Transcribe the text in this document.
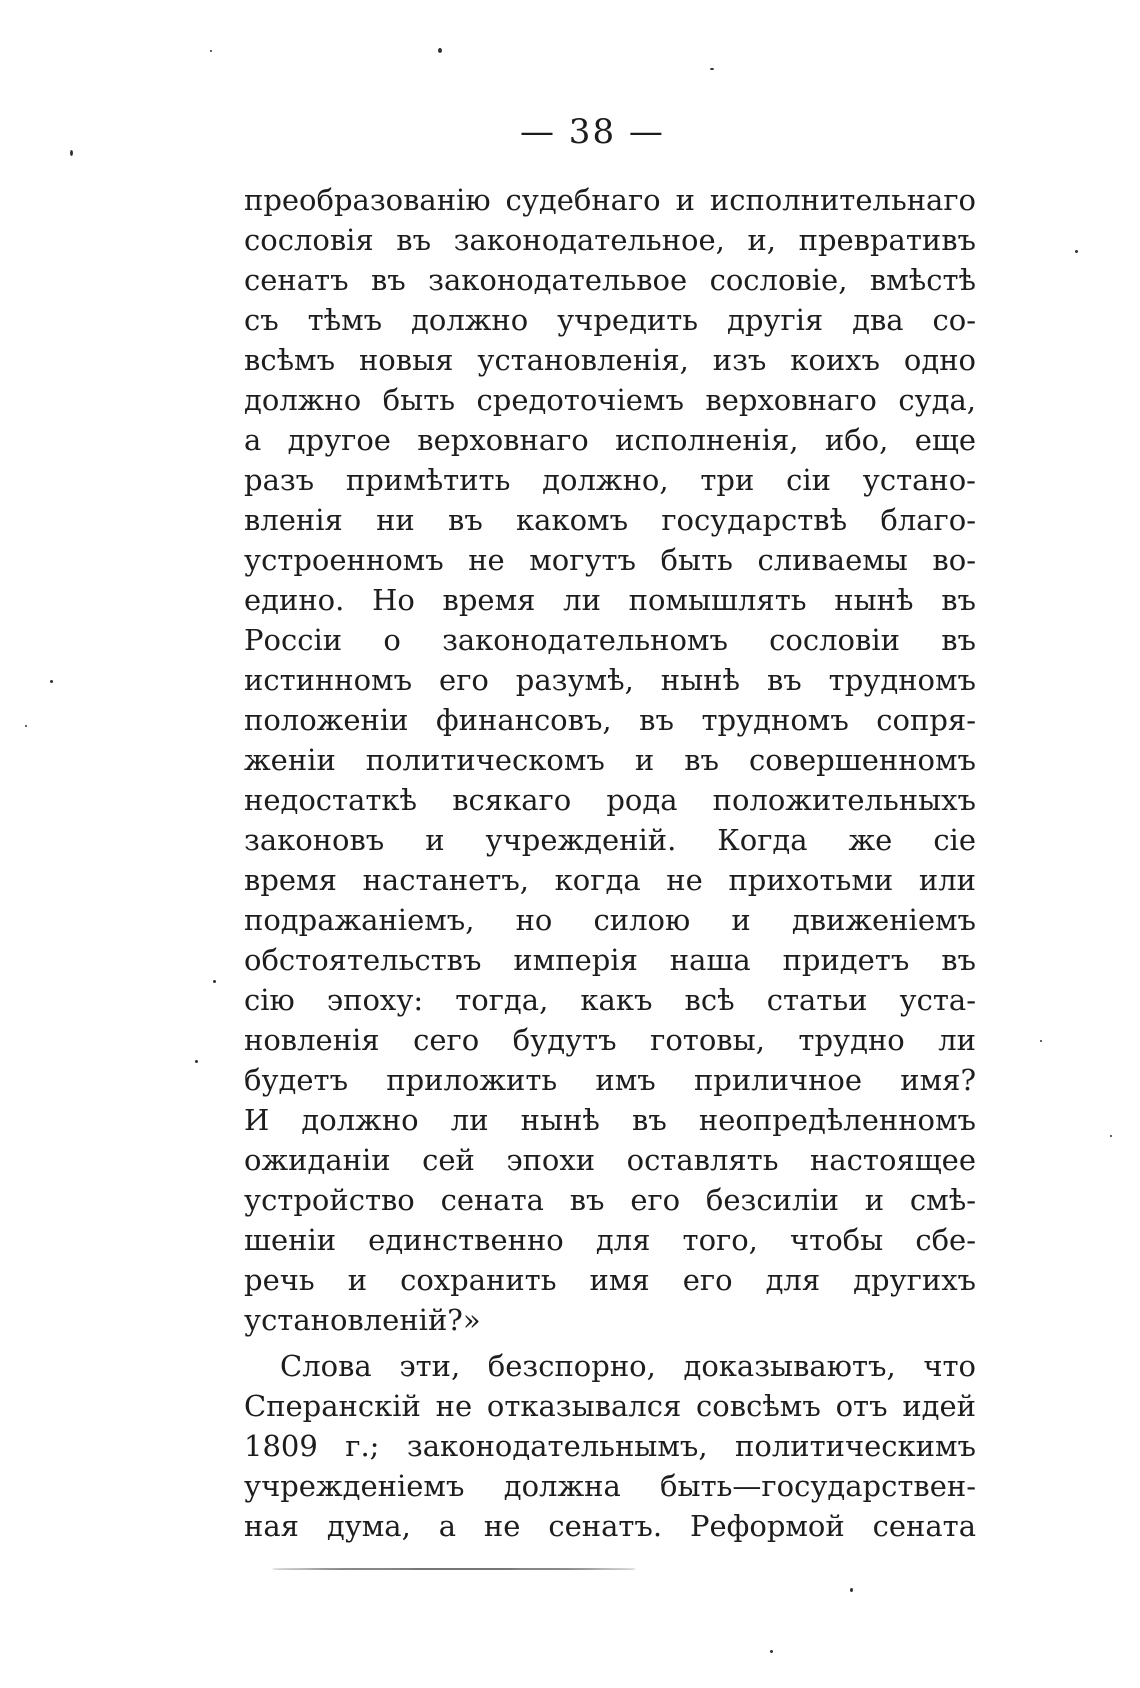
— 38 —
преобразованію судебнаго и исполнительнаго
сословія въ законодательное, и, превративъ
сенатъ въ законодательвое сословіе, вмѣстѣ
съ тѣмъ должно учредить другія два со-
всѣмъ новыя установленія, изъ коихъ одно
должно быть средоточіемъ верховнаго суда,
а другое верховнаго исполненія, ибо, еще
разъ примѣтить должно, три сіи устано-
вленія ни въ какомъ государствѣ благо-
устроенномъ не могутъ быть сливаемы во-
едино. Но время ли помышлять нынѣ въ
Россіи о законодательномъ сословіи въ
истинномъ его разумѣ, нынѣ въ трудномъ
положеніи финансовъ, въ трудномъ сопря-
женіи политическомъ и въ совершенномъ
недостаткѣ всякаго рода положительныхъ
законовъ и учрежденій. Когда же сіе
время настанетъ, когда не прихотьми или
подражаніемъ, но силою и движеніемъ
обстоятельствъ имперія наша придетъ въ
сію эпоху: тогда, какъ всѣ статьи уста-
новленія сего будутъ готовы, трудно ли
будетъ приложить имъ приличное имя?
И должно ли нынѣ въ неопредѣленномъ
ожиданіи сей эпохи оставлять настоящее
устройство сената въ его безсиліи и смѣ-
шеніи единственно для того, чтобы сбе-
речь и сохранить имя его для другихъ
установленій?»
Слова эти, безспорно, доказываютъ, что
Сперанскій не отказывался совсѣмъ отъ идей
1809 г.; законодательнымъ, политическимъ
учрежденіемъ должна быть—государствен-
ная дума, а не сенатъ. Реформой сената
